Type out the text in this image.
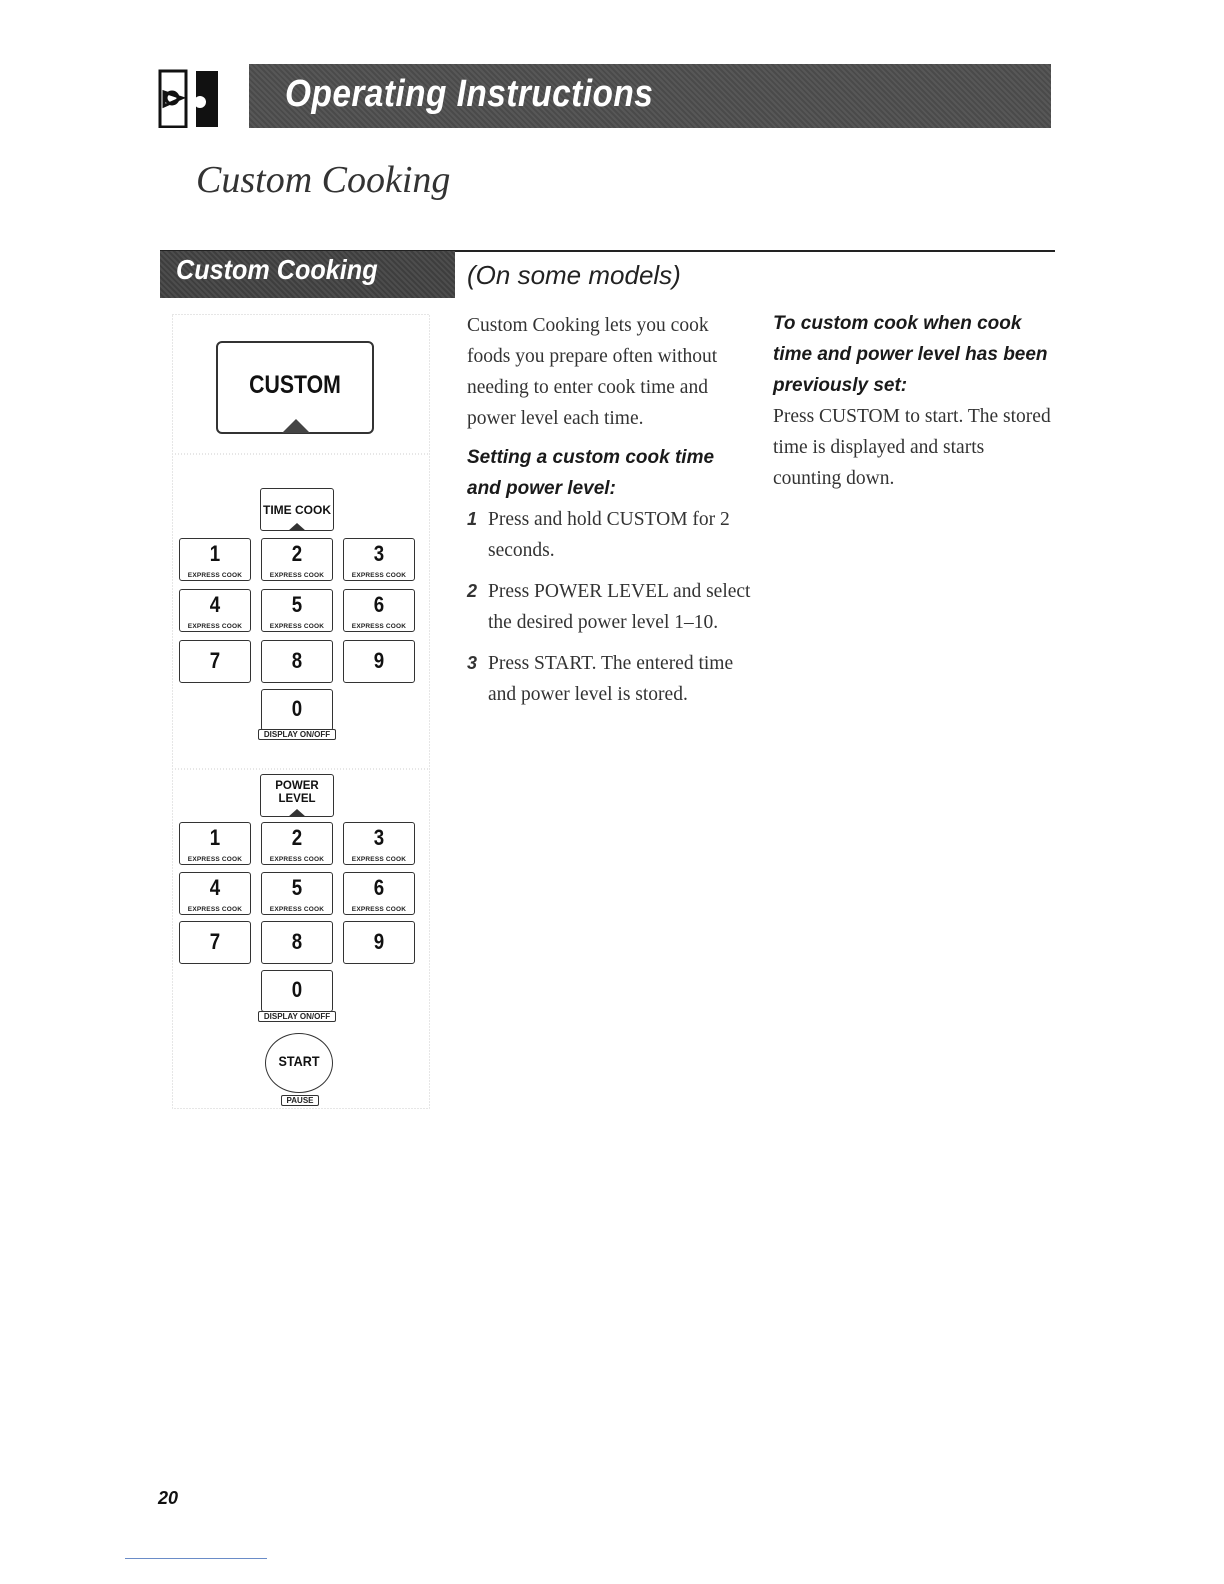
Operating Instructions
Custom Cooking
Custom Cooking	(On some models)
CUSTOM
TIME COOK
1
EXPRESS COOK
2
EXPRESS COOK
3
EXPRESS COOK
4
EXPRESS COOK
5
EXPRESS COOK
6
EXPRESS COOK
7	8	9
0
DISPLAY ON/OFF
POWER
LEVEL
1
EXPRESS COOK
2
EXPRESS COOK
3
EXPRESS COOK
4
EXPRESS COOK
5
EXPRESS COOK
6
EXPRESS COOK
7	8	9
0
DISPLAY ON/OFF
START
PAUSE

Custom Cooking lets you cook foods you prepare often without needing to enter cook time and power level each time.

Setting a custom cook time and power level:
1 Press and hold CUSTOM for 2 seconds.
2 Press POWER LEVEL and select the desired power level 1–10.
3 Press START. The entered time and power level is stored.
To custom cook when cook time and power level has been previously set:

Press CUSTOM to start. The stored time is displayed and starts counting down.

20
